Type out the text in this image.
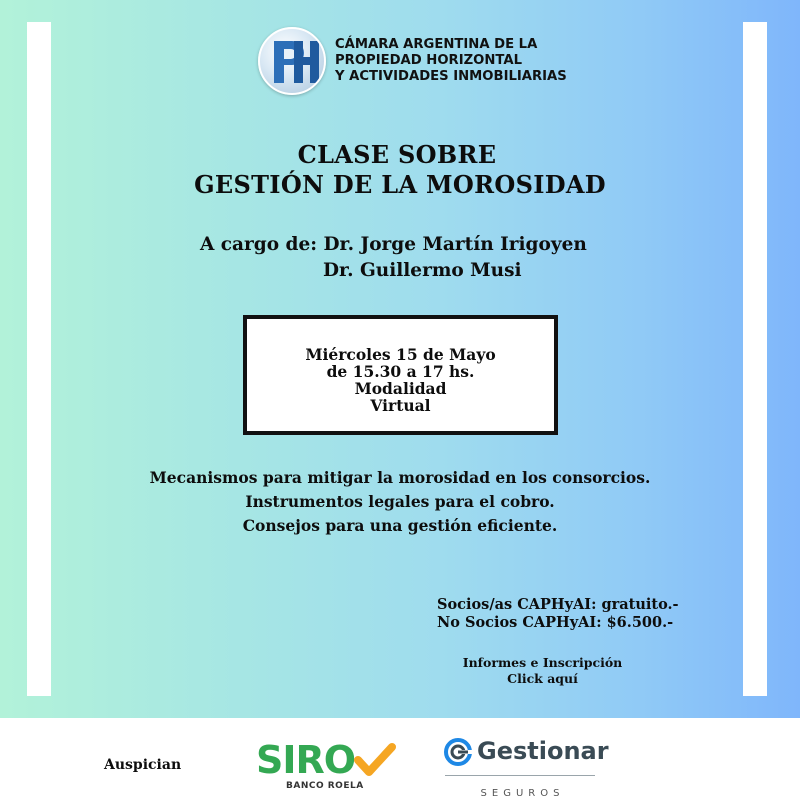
CÁMARA ARGENTINA DE LA
PROPIEDAD HORIZONTAL
Y ACTIVIDADES INMOBILIARIAS
CLASE SOBRE
GESTIÓN DE LA MOROSIDAD
A cargo de: Dr. Jorge Martín Irigoyen
Dr. Guillermo Musi
Miércoles 15 de Mayo
de 15.30 a 17 hs.
Modalidad
Virtual
Mecanismos para mitigar la morosidad en los consorcios.
Instrumentos legales para el cobro.
Consejos para una gestión eficiente.
Socios/as CAPHyAI: gratuito.-
No Socios CAPHyAI: $6.500.-
Informes e Inscripción
Click aquí
Auspician SIRO
BANCO ROELA
Gestionar
SEGUROS
